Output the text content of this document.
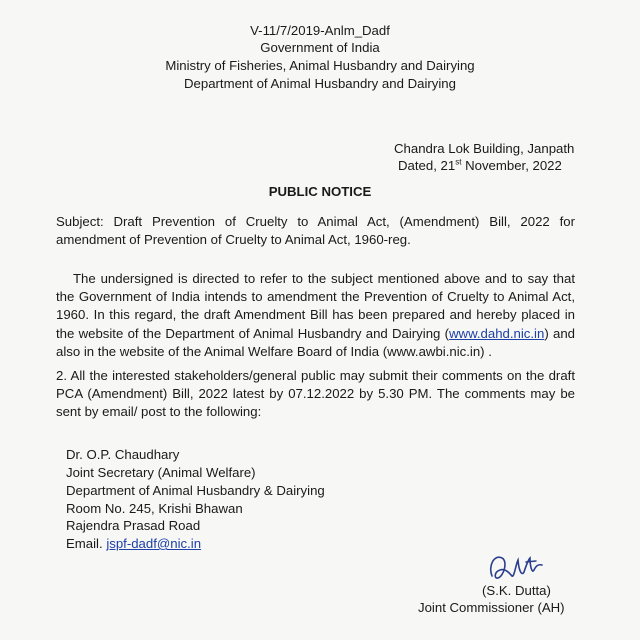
V-11/7/2019-Anlm_Dadf
Government of India
Ministry of Fisheries, Animal Husbandry and Dairying
Department of Animal Husbandry and Dairying
Chandra Lok Building, Janpath
Dated, 21st November, 2022
PUBLIC NOTICE
Subject: Draft Prevention of Cruelty to Animal Act, (Amendment) Bill, 2022 for
amendment of Prevention of Cruelty to Animal Act, 1960-reg.
The undersigned is directed to refer to the subject mentioned above and to say that
the Government of India intends to amendment the Prevention of Cruelty to Animal Act,
1960. In this regard, the draft Amendment Bill has been prepared and hereby placed in
the website of the Department of Animal Husbandry and Dairying (www.dahd.nic.in) and
also in the website of the Animal Welfare Board of India (www.awbi.nic.in) .
2. All the interested stakeholders/general public may submit their comments on the draft
PCA (Amendment) Bill, 2022 latest by 07.12.2022 by 5.30 PM. The comments may be
sent by email/ post to the following:
Dr. O.P. Chaudhary
Joint Secretary (Animal Welfare)
Department of Animal Husbandry & Dairying
Room No. 245, Krishi Bhawan
Rajendra Prasad Road
Email. jspf-dadf@nic.in
(S.K. Dutta)
Joint Commissioner (AH)
